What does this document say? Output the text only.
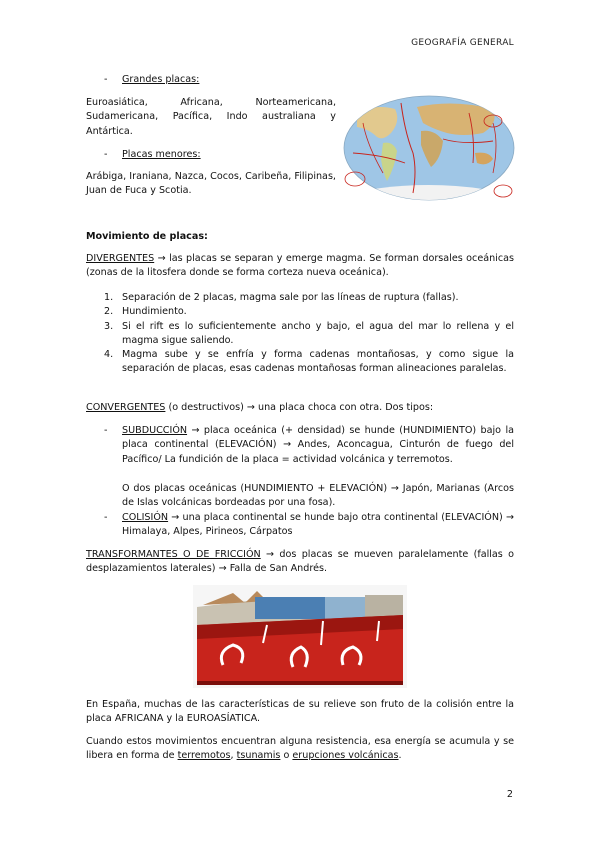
GEOGRAFÍA GENERAL
- Grandes placas:
Euroasiática, Africana, Norteamericana, Sudamericana, Pacífica, Indo australiana y Antártica.
- Placas menores:
Arábiga, Iraniana, Nazca, Cocos, Caribeña, Filipinas, Juan de Fuca y Scotia.
Movimiento de placas:
DIVERGENTES → las placas se separan y emerge magma. Se forman dorsales oceánicas (zonas de la litosfera donde se forma corteza nueva oceánica).
1. Separación de 2 placas, magma sale por las líneas de ruptura (fallas).
2. Hundimiento.
3. Si el rift es lo suficientemente ancho y bajo, el agua del mar lo rellena y el magma sigue saliendo.
4. Magma sube y se enfría y forma cadenas montañosas, y como sigue la separación de placas, esas cadenas montañosas forman alineaciones paralelas.
CONVERGENTES (o destructivos) → una placa choca con otra. Dos tipos:
- SUBDUCCIÓN → placa oceánica (+ densidad) se hunde (HUNDIMIENTO) bajo la placa continental (ELEVACIÓN) → Andes, Aconcagua, Cinturón de fuego del Pacífico/ La fundición de la placa = actividad volcánica y terremotos.
O dos placas oceánicas (HUNDIMIENTO + ELEVACIÓN) → Japón, Marianas (Arcos de Islas volcánicas bordeadas por una fosa).
- COLISIÓN → una placa continental se hunde bajo otra continental (ELEVACIÓN) → Himalaya, Alpes, Pirineos, Cárpatos
TRANSFORMANTES O DE FRICCIÓN → dos placas se mueven paralelamente (fallas o desplazamientos laterales) → Falla de San Andrés.
En España, muchas de las características de su relieve son fruto de la colisión entre la placa AFRICANA y la EUROASÍATICA.
Cuando estos movimientos encuentran alguna resistencia, esa energía se acumula y se libera en forma de terremotos, tsunamis o erupciones volcánicas.
2
